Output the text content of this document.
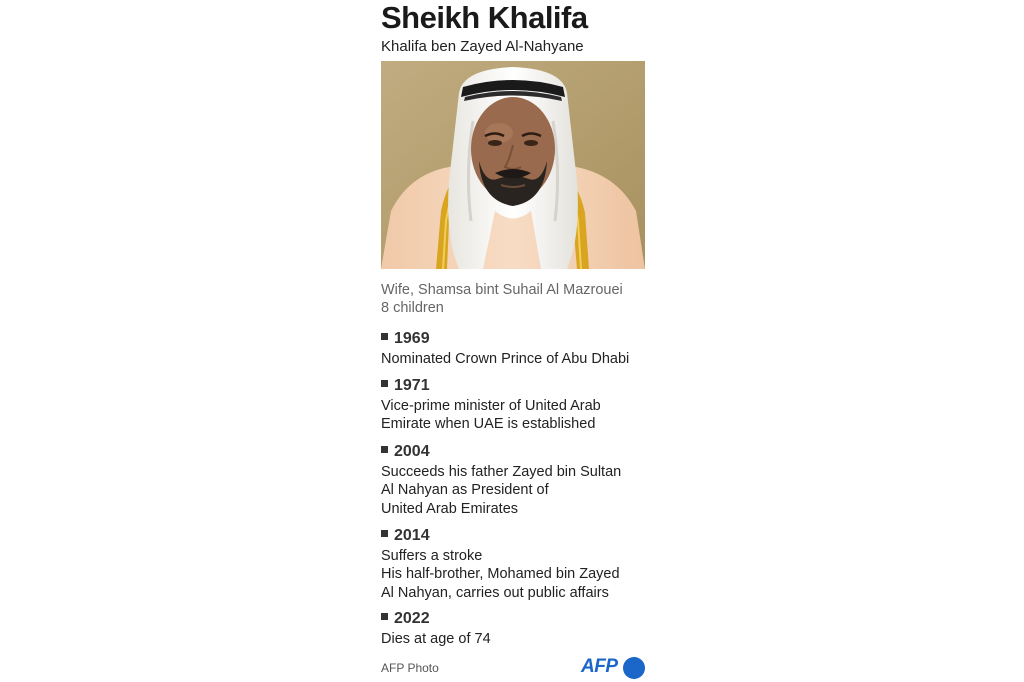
Sheikh Khalifa
Khalifa ben Zayed Al-Nahyane
Wife, Shamsa bint Suhail Al Mazrouei
8 children
1969
Nominated Crown Prince of Abu Dhabi
1971
Vice-prime minister of United Arab
Emirate when UAE is established
2004
Succeeds his father Zayed bin Sultan
Al Nahyan as President of
United Arab Emirates
2014
Suffers a stroke
His half-brother, Mohamed bin Zayed
Al Nahyan, carries out public affairs
2022
Dies at age of 74
AFP Photo	AFP
